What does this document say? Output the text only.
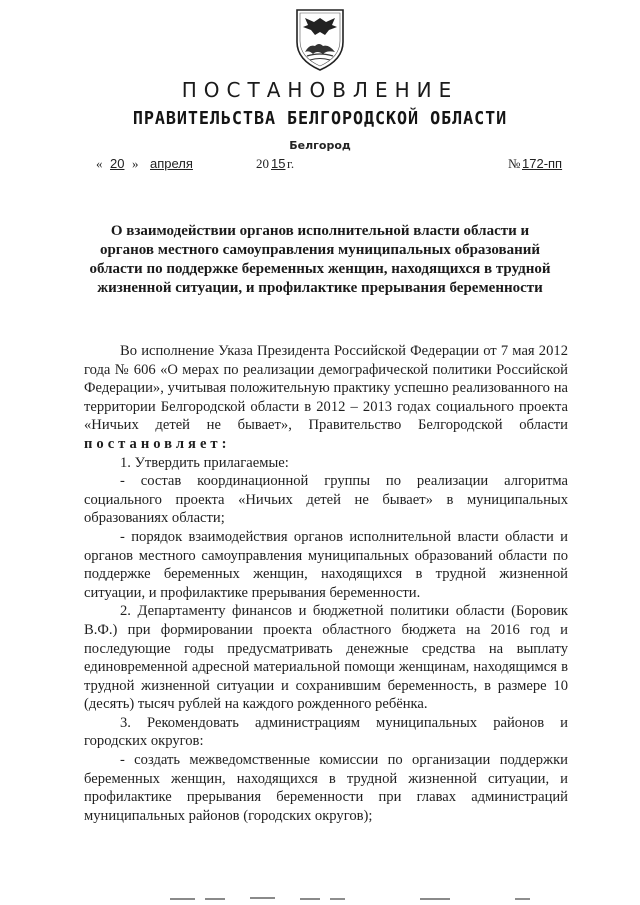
ПОСТАНОВЛЕНИЕ
ПРАВИТЕЛЬСТВА БЕЛГОРОДСКОЙ ОБЛАСТИ
Белгород
« 20 » апреля	20 15 г.	№ 172-пп
О взаимодействии органов исполнительной власти области и органов местного самоуправления муниципальных образований области по поддержке беременных женщин, находящихся в трудной жизненной ситуации, и профилактике прерывания беременности

Во исполнение Указа Президента Российской Федерации от 7 мая 2012 года № 606 «О мерах по реализации демографической политики Российской Федерации», учитывая положительную практику успешно реализованного на территории Белгородской области в 2012 – 2013 годах социального проекта «Ничьих детей не бывает», Правительство Белгородской области постановляет:

1. Утвердить прилагаемые:

- состав координационной группы по реализации алгоритма социального проекта «Ничьих детей не бывает» в муниципальных образованиях области;

- порядок взаимодействия органов исполнительной власти области и органов местного самоуправления муниципальных образований области по поддержке беременных женщин, находящихся в трудной жизненной ситуации, и профилактике прерывания беременности.

2. Департаменту финансов и бюджетной политики области (Боровик В.Ф.) при формировании проекта областного бюджета на 2016 год и последующие годы предусматривать денежные средства на выплату единовременной адресной материальной помощи женщинам, находящимся в трудной жизненной ситуации и сохранившим беременность, в размере 10 (десять) тысяч рублей на каждого рожденного ребёнка.

3. Рекомендовать администрациям муниципальных районов и городских округов:

- создать межведомственные комиссии по организации поддержки беременных женщин, находящихся в трудной жизненной ситуации, и профилактике прерывания беременности при главах администраций муниципальных районов (городских округов);
